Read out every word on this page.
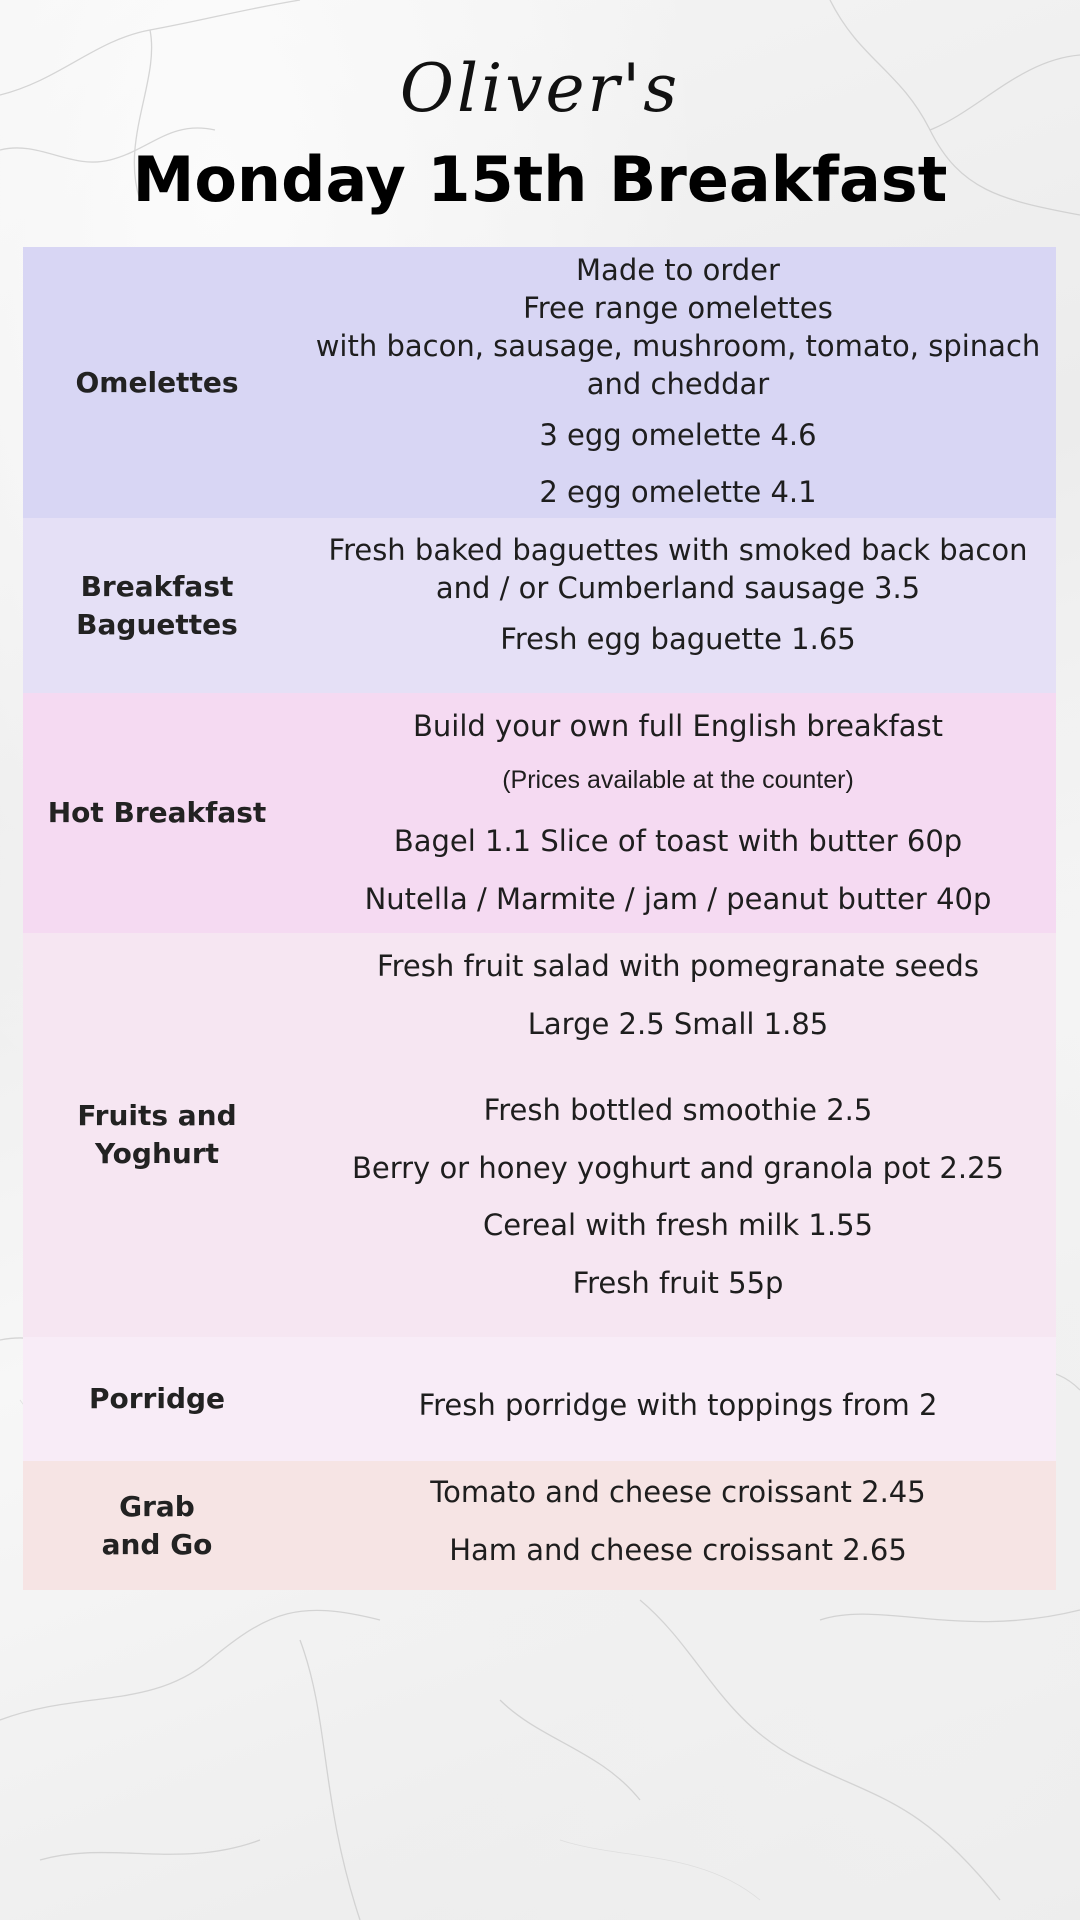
Oliver's
Monday 15th Breakfast
Omelettes
Made to order
Free range omelettes
with bacon, sausage, mushroom, tomato, spinach
and cheddar
3 egg omelette 4.6
2 egg omelette 4.1
Breakfast
Baguettes
Fresh baked baguettes with smoked back bacon
and / or Cumberland sausage 3.5
Fresh egg baguette 1.65
Hot Breakfast
Build your own full English breakfast
(Prices available at the counter)
Bagel 1.1 Slice of toast with butter 60p
Nutella / Marmite / jam / peanut butter 40p
Fruits and
Yoghurt
Fresh fruit salad with pomegranate seeds
Large 2.5 Small 1.85
Fresh bottled smoothie 2.5
Berry or honey yoghurt and granola pot 2.25
Cereal with fresh milk 1.55
Fresh fruit 55p
Porridge	Fresh porridge with toppings from 2
Grab
and Go
Tomato and cheese croissant 2.45
Ham and cheese croissant 2.65
